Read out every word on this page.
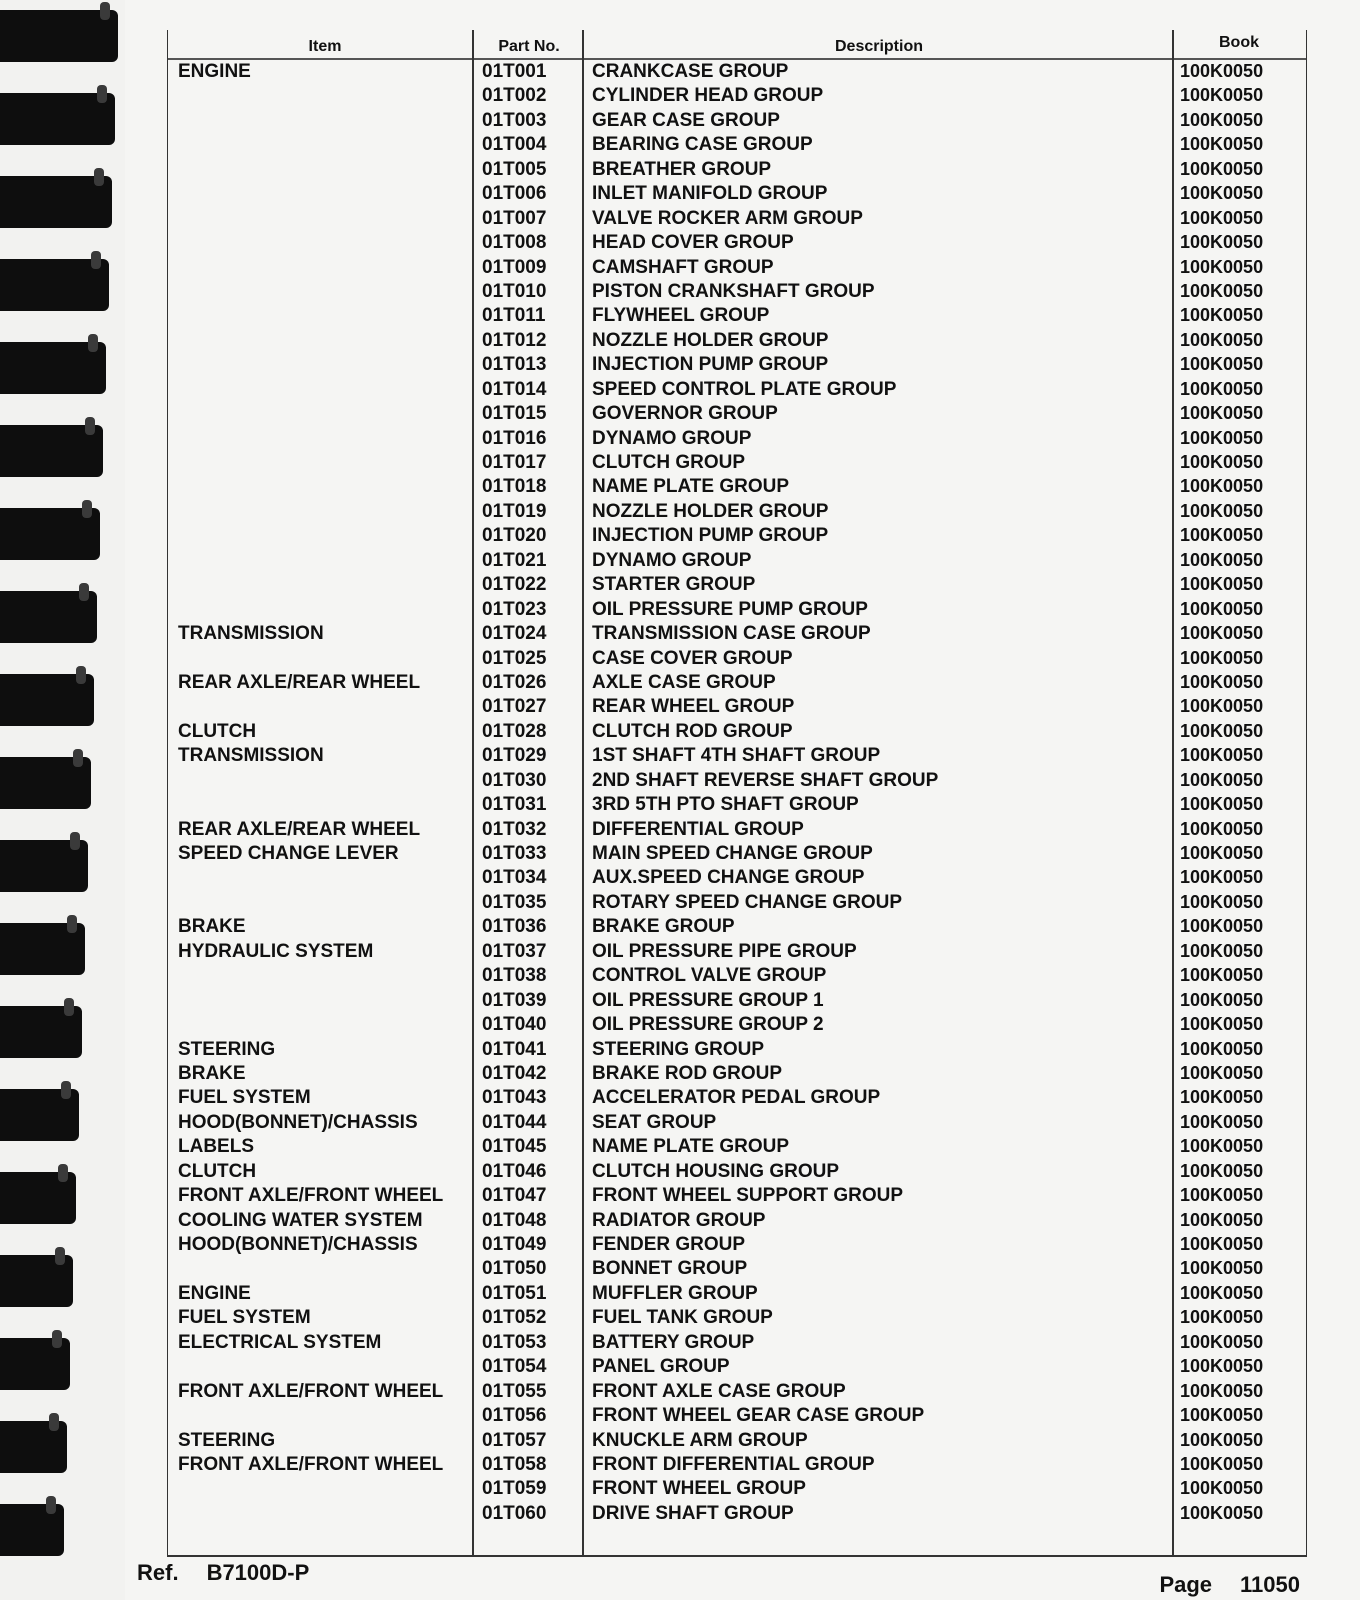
Item	Part No.	Description	Book
ENGINE	01T001 CRANKCASE GROUP	100K0050
01T002 CYLINDER HEAD GROUP	100K0050
01T003 GEAR CASE GROUP	100K0050
01T004 BEARING CASE GROUP	100K0050
01T005 BREATHER GROUP	100K0050
01T006 INLET MANIFOLD GROUP	100K0050
01T007 VALVE ROCKER ARM GROUP	100K0050
01T008 HEAD COVER GROUP	100K0050
01T009 CAMSHAFT GROUP	100K0050
01T010 PISTON CRANKSHAFT GROUP	100K0050
01T011 FLYWHEEL GROUP	100K0050
01T012 NOZZLE HOLDER GROUP	100K0050
01T013 INJECTION PUMP GROUP	100K0050
01T014 SPEED CONTROL PLATE GROUP	100K0050
01T015 GOVERNOR GROUP	100K0050
01T016 DYNAMO GROUP	100K0050
01T017 CLUTCH GROUP	100K0050
01T018 NAME PLATE GROUP	100K0050
01T019 NOZZLE HOLDER GROUP	100K0050
01T020 INJECTION PUMP GROUP	100K0050
01T021 DYNAMO GROUP	100K0050
01T022 STARTER GROUP	100K0050
01T023 OIL PRESSURE PUMP GROUP	100K0050
TRANSMISSION	01T024 TRANSMISSION CASE GROUP	100K0050
01T025 CASE COVER GROUP	100K0050
REAR AXLE/REAR WHEEL	01T026 AXLE CASE GROUP	100K0050
01T027 REAR WHEEL GROUP	100K0050
CLUTCH	01T028 CLUTCH ROD GROUP	100K0050
TRANSMISSION	01T029 1ST SHAFT 4TH SHAFT GROUP	100K0050
01T030 2ND SHAFT REVERSE SHAFT GROUP	100K0050
01T031 3RD 5TH PTO SHAFT GROUP	100K0050
REAR AXLE/REAR WHEEL	01T032 DIFFERENTIAL GROUP	100K0050
SPEED CHANGE LEVER	01T033 MAIN SPEED CHANGE GROUP	100K0050
01T034 AUX.SPEED CHANGE GROUP	100K0050
01T035 ROTARY SPEED CHANGE GROUP	100K0050
BRAKE	01T036 BRAKE GROUP	100K0050
HYDRAULIC SYSTEM	01T037 OIL PRESSURE PIPE GROUP	100K0050
01T038 CONTROL VALVE GROUP	100K0050
01T039 OIL PRESSURE GROUP 1	100K0050
01T040 OIL PRESSURE GROUP 2	100K0050
STEERING	01T041 STEERING GROUP	100K0050
BRAKE	01T042 BRAKE ROD GROUP	100K0050
FUEL SYSTEM	01T043 ACCELERATOR PEDAL GROUP	100K0050
HOOD(BONNET)/CHASSIS	01T044 SEAT GROUP	100K0050
LABELS	01T045 NAME PLATE GROUP	100K0050
CLUTCH	01T046 CLUTCH HOUSING GROUP	100K0050
FRONT AXLE/FRONT WHEEL 01T047 FRONT WHEEL SUPPORT GROUP	100K0050
COOLING WATER SYSTEM	01T048 RADIATOR GROUP	100K0050
HOOD(BONNET)/CHASSIS	01T049 FENDER GROUP	100K0050
01T050 BONNET GROUP	100K0050
ENGINE	01T051 MUFFLER GROUP	100K0050
FUEL SYSTEM	01T052 FUEL TANK GROUP	100K0050
ELECTRICAL SYSTEM	01T053 BATTERY GROUP	100K0050
01T054 PANEL GROUP	100K0050
FRONT AXLE/FRONT WHEEL 01T055 FRONT AXLE CASE GROUP	100K0050
01T056 FRONT WHEEL GEAR CASE GROUP	100K0050
STEERING	01T057 KNUCKLE ARM GROUP	100K0050
FRONT AXLE/FRONT WHEEL 01T058 FRONT DIFFERENTIAL GROUP	100K0050
01T059 FRONT WHEEL GROUP	100K0050
01T060 DRIVE SHAFT GROUP	100K0050
Ref. B7100D-P	Page 11050
